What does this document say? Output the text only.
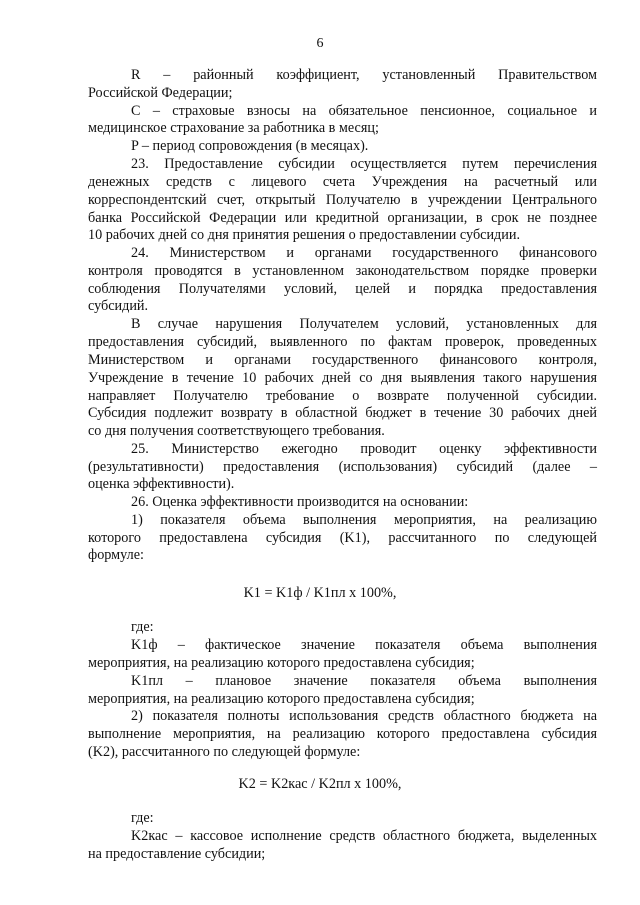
6
R – районный коэффициент, установленный Правительством
Российской Федерации;
C – страховые взносы на обязательное пенсионное, социальное и
медицинское страхование за работника в месяц;
P – период сопровождения (в месяцах).
23. Предоставление субсидии осуществляется путем перечисления
денежных средств с лицевого счета Учреждения на расчетный или
корреспондентский счет, открытый Получателю в учреждении Центрального
банка Российской Федерации или кредитной организации, в срок не позднее
10 рабочих дней со дня принятия решения о предоставлении субсидии.
24. Министерством и органами государственного финансового
контроля проводятся в установленном законодательством порядке проверки
соблюдения Получателями условий, целей и порядка предоставления
субсидий.
В случае нарушения Получателем условий, установленных для
предоставления субсидий, выявленного по фактам проверок, проведенных
Министерством и органами государственного финансового контроля,
Учреждение в течение 10 рабочих дней со дня выявления такого нарушения
направляет Получателю требование о возврате полученной субсидии.
Субсидия подлежит возврату в областной бюджет в течение 30 рабочих дней
со дня получения соответствующего требования.
25. Министерство ежегодно проводит оценку эффективности
(результативности) предоставления (использования) субсидий (далее –
оценка эффективности).
26. Оценка эффективности производится на основании:
1) показателя объема выполнения мероприятия, на реализацию
которого предоставлена субсидия (K1), рассчитанного по следующей
формуле:
K1 = K1ф / K1пл x 100%,
где:
K1ф – фактическое значение показателя объема выполнения
мероприятия, на реализацию которого предоставлена субсидия;
K1пл – плановое значение показателя объема выполнения
мероприятия, на реализацию которого предоставлена субсидия;
2) показателя полноты использования средств областного бюджета на
выполнение мероприятия, на реализацию которого предоставлена субсидия
(K2), рассчитанного по следующей формуле:
K2 = K2кас / K2пл x 100%,
где:
K2кас – кассовое исполнение средств областного бюджета, выделенных
на предоставление субсидии;
